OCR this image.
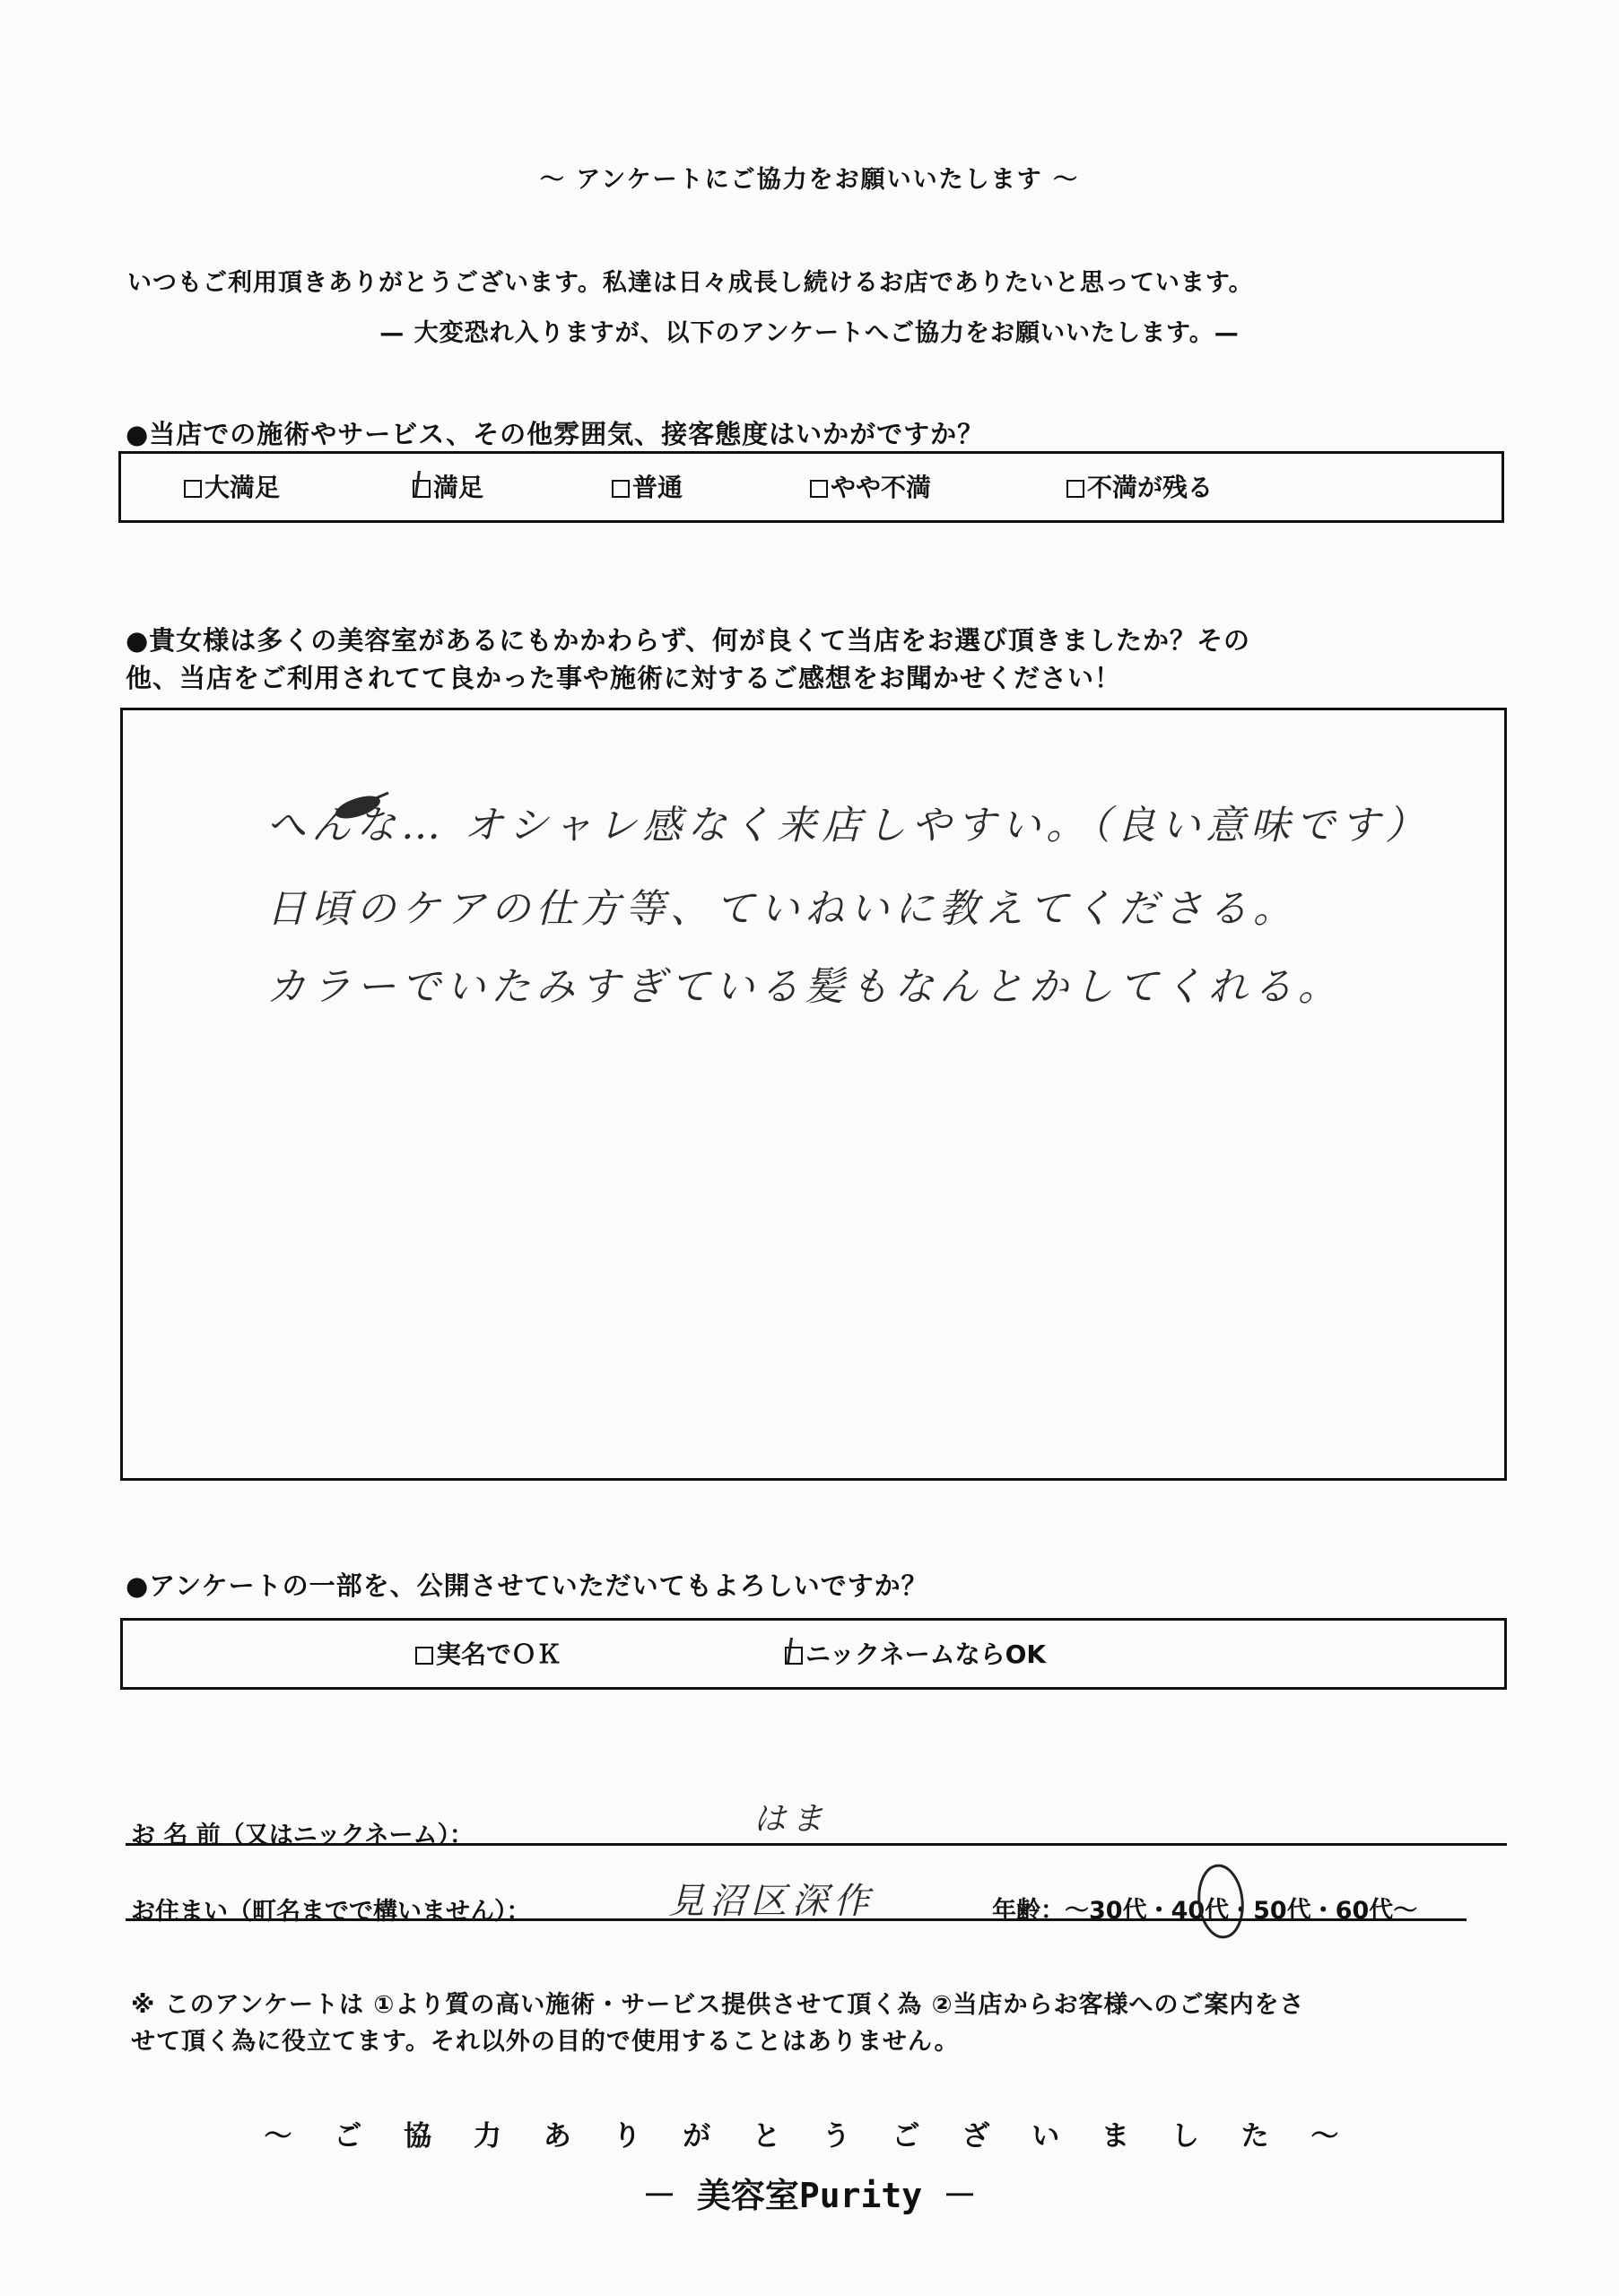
〜 アンケートにご協力をお願いいたします 〜
いつもご利用頂きありがとうございます。私達は日々成長し続けるお店でありたいと思っています。
— 大変恐れ入りますが、以下のアンケートへご協力をお願いいたします。—
●当店での施術やサービス、その他雰囲気、接客態度はいかがですか？
大満足	満足	普通	やや不満	不満が残る
●貴女様は多くの美容室があるにもかかわらず、何が良くて当店をお選び頂きましたか？その
他、当店をご利用されてて良かった事や施術に対するご感想をお聞かせください！
へんな… オシャレ感なく来店しやすい。（良い意味です）
日頃のケアの仕方等、ていねいに教えてくださる。
カラーでいたみすぎている髪もなんとかしてくれる。
●アンケートの一部を、公開させていただいてもよろしいですか？
実名でＯＫ	ニックネームならOK
お 名 前（又はニックネーム）：	はま
お住まい（町名までで構いません）：	見沼区深作	年齢：〜30代・40代・50代・60代〜
※ このアンケートは ①より質の高い施術・サービス提供させて頂く為 ②当店からお客様へのご案内をさ
せて頂く為に役立てます。それ以外の目的で使用することはありません。
〜 ご 協 力 あ り が と う ご ざ い ま し た 〜
－ 美容室Purity －
